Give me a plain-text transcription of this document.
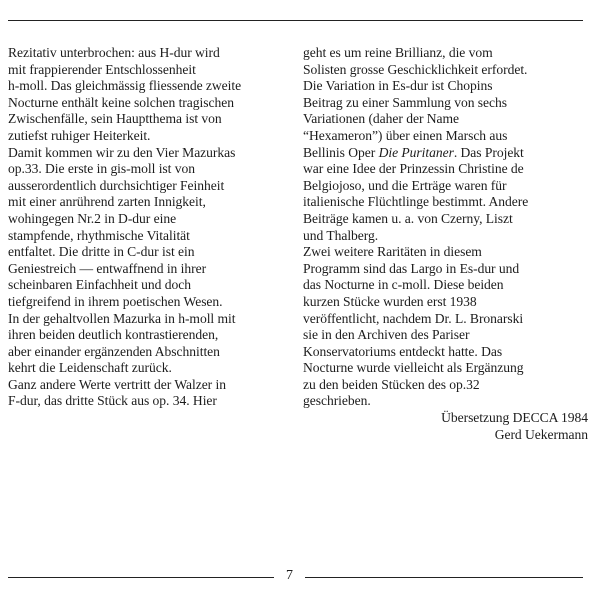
Rezitativ unterbrochen: aus H-dur wird
mit frappierender Entschlossenheit
h-moll. Das gleichmässig fliessende zweite
Nocturne enthält keine solchen tragischen
Zwischenfälle, sein Hauptthema ist von
zutiefst ruhiger Heiterkeit.
Damit kommen wir zu den Vier Mazurkas
op.33. Die erste in gis-moll ist von
ausserordentlich durchsichtiger Feinheit
mit einer anrührend zarten Innigkeit,
wohingegen Nr.2 in D-dur eine
stampfende, rhythmische Vitalität
entfaltet. Die dritte in C-dur ist ein
Geniestreich — entwaffnend in ihrer
scheinbaren Einfachheit und doch
tiefgreifend in ihrem poetischen Wesen.
In der gehaltvollen Mazurka in h-moll mit
ihren beiden deutlich kontrastierenden,
aber einander ergänzenden Abschnitten
kehrt die Leidenschaft zurück.
Ganz andere Werte vertritt der Walzer in
F-dur, das dritte Stück aus op. 34. Hier

geht es um reine Brillianz, die vom
Solisten grosse Geschicklichkeit erfordet.
Die Variation in Es-dur ist Chopins
Beitrag zu einer Sammlung von sechs
Variationen (daher der Name
“Hexameron”) über einen Marsch aus
Bellinis Oper Die Puritaner. Das Projekt
war eine Idee der Prinzessin Christine de
Belgiojoso, und die Erträge waren für
italienische Flüchtlinge bestimmt. Andere
Beiträge kamen u. a. von Czerny, Liszt
und Thalberg.

Zwei weitere Raritäten in diesem
Programm sind das Largo in Es-dur und
das Nocturne in c-moll. Diese beiden
kurzen Stücke wurden erst 1938
veröffentlicht, nachdem Dr. L. Bronarski
sie in den Archiven des Pariser
Konservatoriums entdeckt hatte. Das
Nocturne wurde vielleicht als Ergänzung
zu den beiden Stücken des op.32
geschrieben.

Übersetzung DECCA 1984

Gerd Uekermann

7
